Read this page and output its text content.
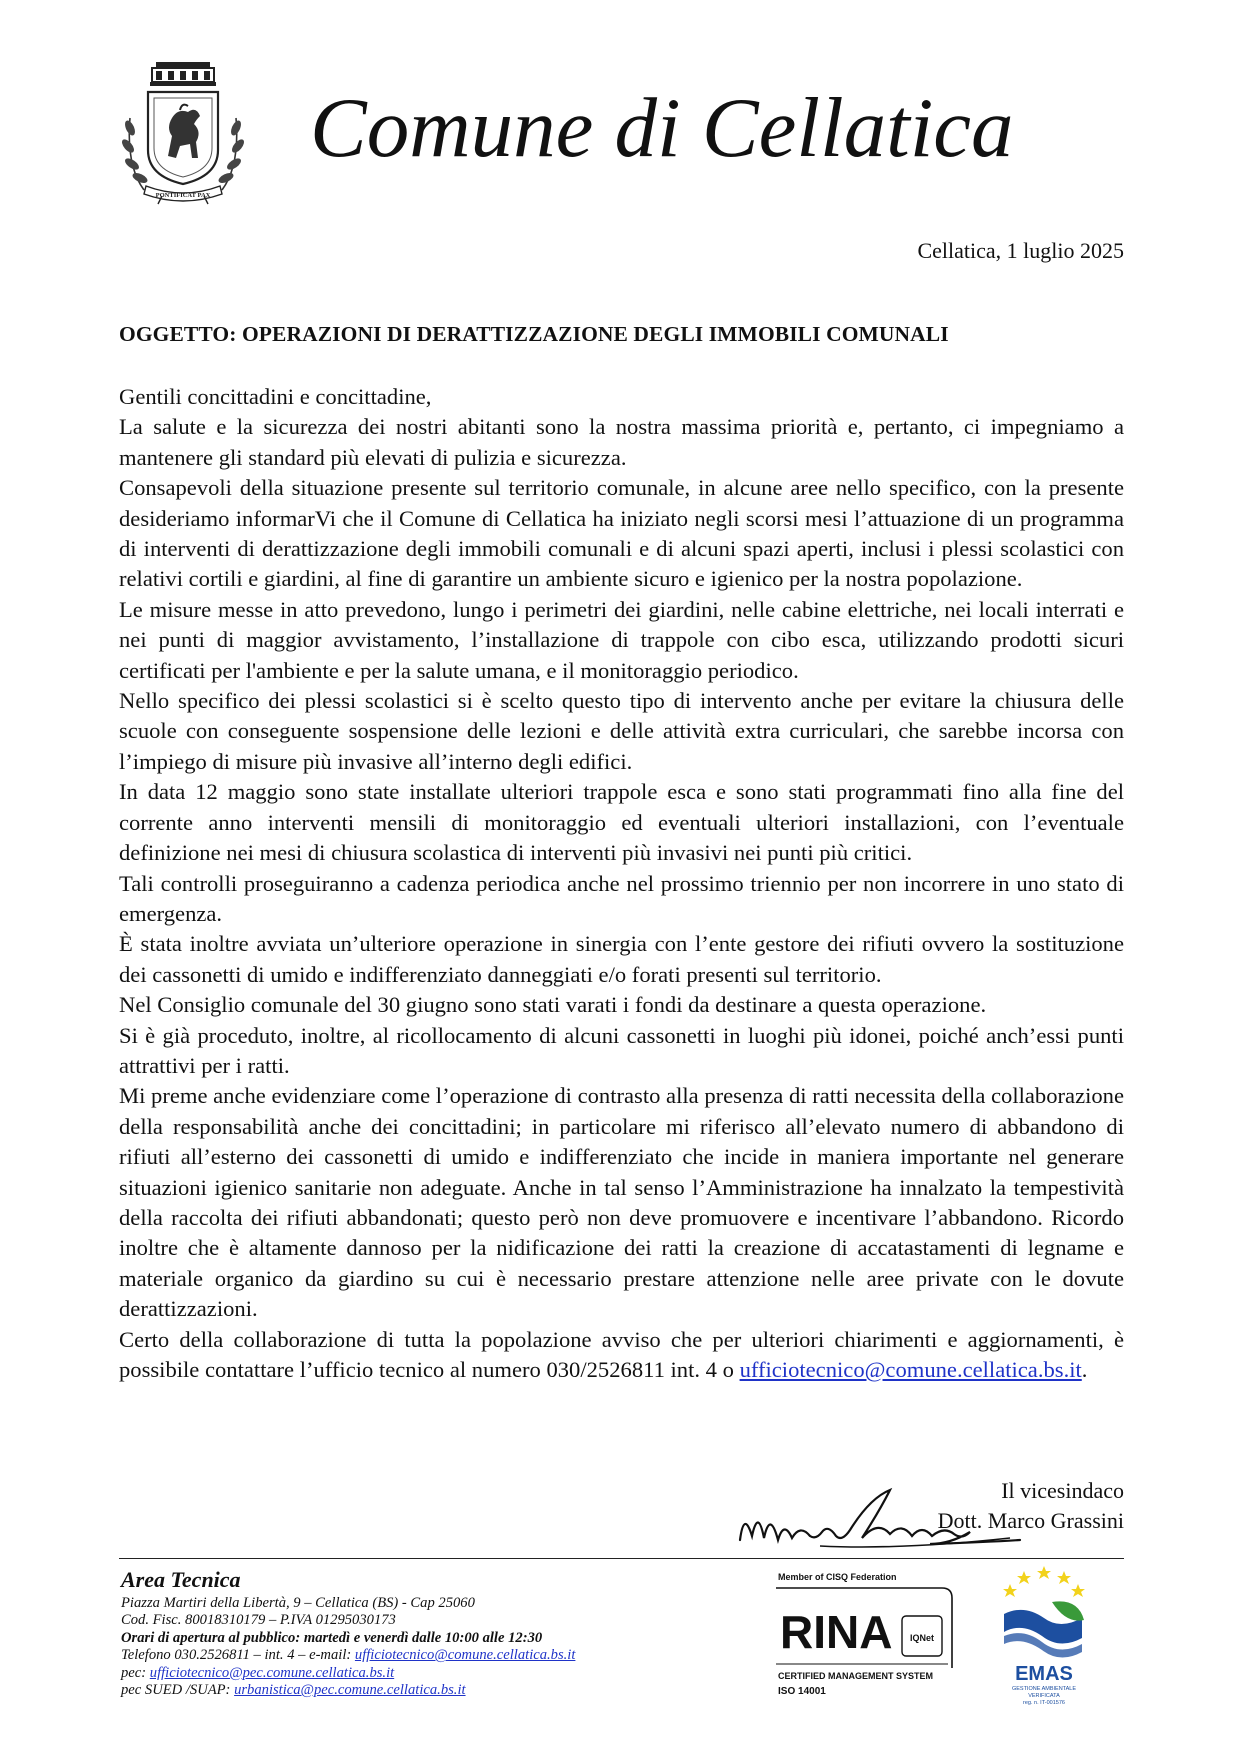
PONTIFICAT PAX
Comune di Cellatica
Cellatica, 1 luglio 2025
OGGETTO: OPERAZIONI DI DERATTIZZAZIONE DEGLI IMMOBILI COMUNALI

Gentili concittadini e concittadine,

La salute e la sicurezza dei nostri abitanti sono la nostra massima priorità e, pertanto, ci impegniamo a mantenere gli standard più elevati di pulizia e sicurezza.

Consapevoli della situazione presente sul territorio comunale, in alcune aree nello specifico, con la presente desideriamo informarVi che il Comune di Cellatica ha iniziato negli scorsi mesi l’attuazione di un programma di interventi di derattizzazione degli immobili comunali e di alcuni spazi aperti, inclusi i plessi scolastici con relativi cortili e giardini, al fine di garantire un ambiente sicuro e igienico per la nostra popolazione.

Le misure messe in atto prevedono, lungo i perimetri dei giardini, nelle cabine elettriche, nei locali interrati e nei punti di maggior avvistamento, l’installazione di trappole con cibo esca, utilizzando prodotti sicuri certificati per l'ambiente e per la salute umana, e il monitoraggio periodico.

Nello specifico dei plessi scolastici si è scelto questo tipo di intervento anche per evitare la chiusura delle scuole con conseguente sospensione delle lezioni e delle attività extra curriculari, che sarebbe incorsa con l’impiego di misure più invasive all’interno degli edifici.

In data 12 maggio sono state installate ulteriori trappole esca e sono stati programmati fino alla fine del corrente anno interventi mensili di monitoraggio ed eventuali ulteriori installazioni, con l’eventuale definizione nei mesi di chiusura scolastica di interventi più invasivi nei punti più critici.

Tali controlli proseguiranno a cadenza periodica anche nel prossimo triennio per non incorrere in uno stato di emergenza.

È stata inoltre avviata un’ulteriore operazione in sinergia con l’ente gestore dei rifiuti ovvero la sostituzione dei cassonetti di umido e indifferenziato danneggiati e/o forati presenti sul territorio.

Nel Consiglio comunale del 30 giugno sono stati varati i fondi da destinare a questa operazione.

Si è già proceduto, inoltre, al ricollocamento di alcuni cassonetti in luoghi più idonei, poiché anch’essi punti attrattivi per i ratti.

Mi preme anche evidenziare come l’operazione di contrasto alla presenza di ratti necessita della collaborazione della responsabilità anche dei concittadini; in particolare mi riferisco all’elevato numero di abbandono di rifiuti all’esterno dei cassonetti di umido e indifferenziato che incide in maniera importante nel generare situazioni igienico sanitarie non adeguate. Anche in tal senso l’Amministrazione ha innalzato la tempestività della raccolta dei rifiuti abbandonati; questo però non deve promuovere e incentivare l’abbandono. Ricordo inoltre che è altamente dannoso per la nidificazione dei ratti la creazione di accatastamenti di legname e materiale organico da giardino su cui è necessario prestare attenzione nelle aree private con le dovute derattizzazioni.

Certo della collaborazione di tutta la popolazione avviso che per ulteriori chiarimenti e aggiornamenti, è possibile contattare l’ufficio tecnico al numero 030/2526811 int. 4 o ufficiotecnico@comune.cellatica.bs.it.

Il vicesindaco
Dott. Marco Grassini
Area Tecnica
Piazza Martiri della Libertà, 9 – Cellatica (BS) - Cap 25060
Cod. Fisc. 80018310179 – P.IVA 01295030173
Orari di apertura al pubblico: martedì e venerdì dalle 10:00 alle 12:30
Telefono 030.2526811 – int. 4 – e-mail: ufficiotecnico@comune.cellatica.bs.it
pec: ufficiotecnico@pec.comune.cellatica.bs.it
pec SUED /SUAP: urbanistica@pec.comune.cellatica.bs.it
Member of CISQ Federation
RINA IQNet
CERTIFIED MANAGEMENT SYSTEM
ISO 14001
EMAS
GESTIONE AMBIENTALE
VERIFICATA
reg. n. IT-001576
